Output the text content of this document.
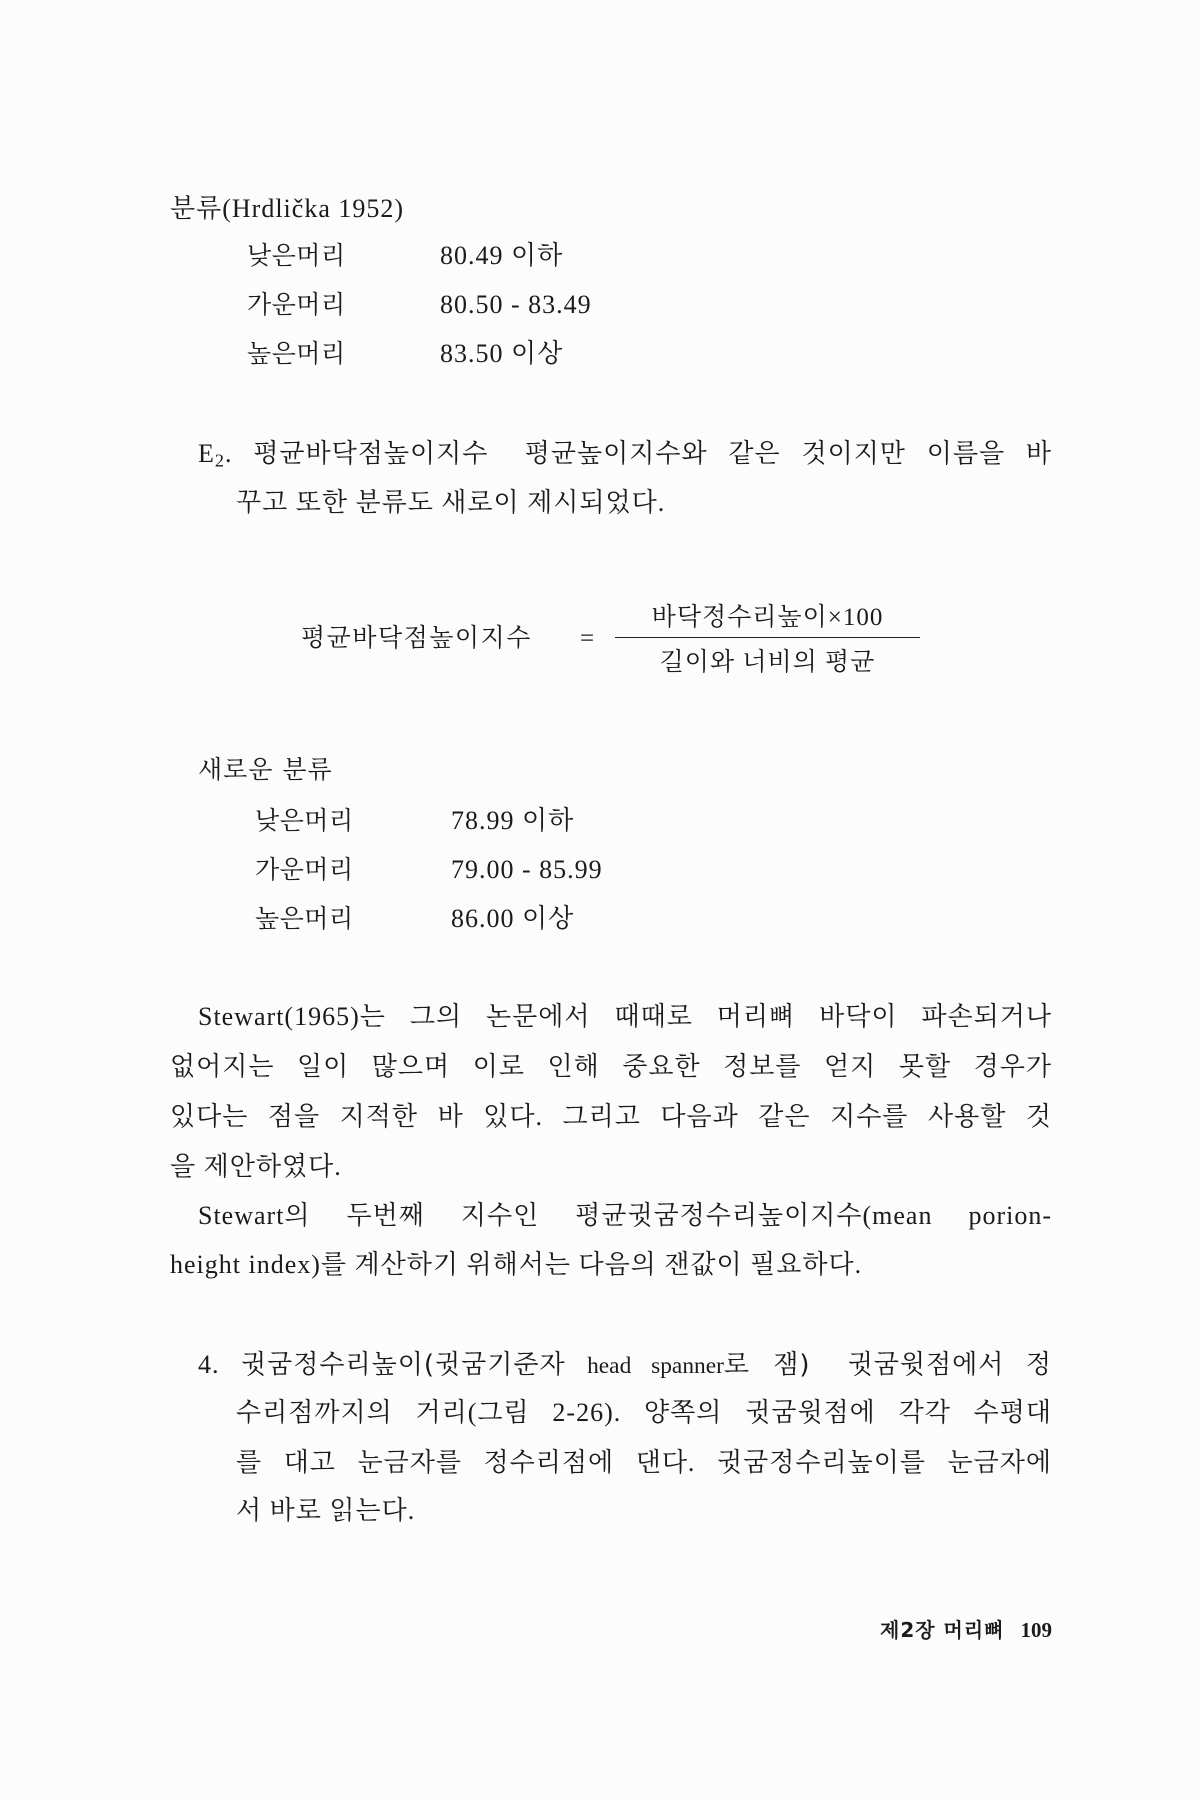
분류(Hrdlička 1952)
낮은머리	80.49 이하
가운머리	80.50 - 83.49
높은머리	83.50 이상
$E_2$. 평균바닥점높이지수 평균높이지수와 같은 것이지만 이름을 바
꾸고 또한 분류도 새로이 제시되었다.
평균바닥점높이지수 =
바닥정수리높이×100
길이와 너비의 평균
새로운 분류
낮은머리	78.99 이하
가운머리	79.00 - 85.99
높은머리	86.00 이상
Stewart(1965)는 그의 논문에서 때때로 머리뼈 바닥이 파손되거나
없어지는 일이 많으며 이로 인해 중요한 정보를 얻지 못할 경우가
있다는 점을 지적한 바 있다. 그리고 다음과 같은 지수를 사용할 것
을 제안하였다.
Stewart의 두번째 지수인 평균귓굼정수리높이지수(mean porion-
height index)를 계산하기 위해서는 다음의 잰값이 필요하다.
4. 귓굼정수리높이(귓굼기준자 head spanner로 잼) 귓굼윗점에서 정
수리점까지의 거리(그림 2-26). 양쪽의 귓굼윗점에 각각 수평대
를 대고 눈금자를 정수리점에 댄다. 귓굼정수리높이를 눈금자에
서 바로 읽는다.
제2장 머리뼈 109
